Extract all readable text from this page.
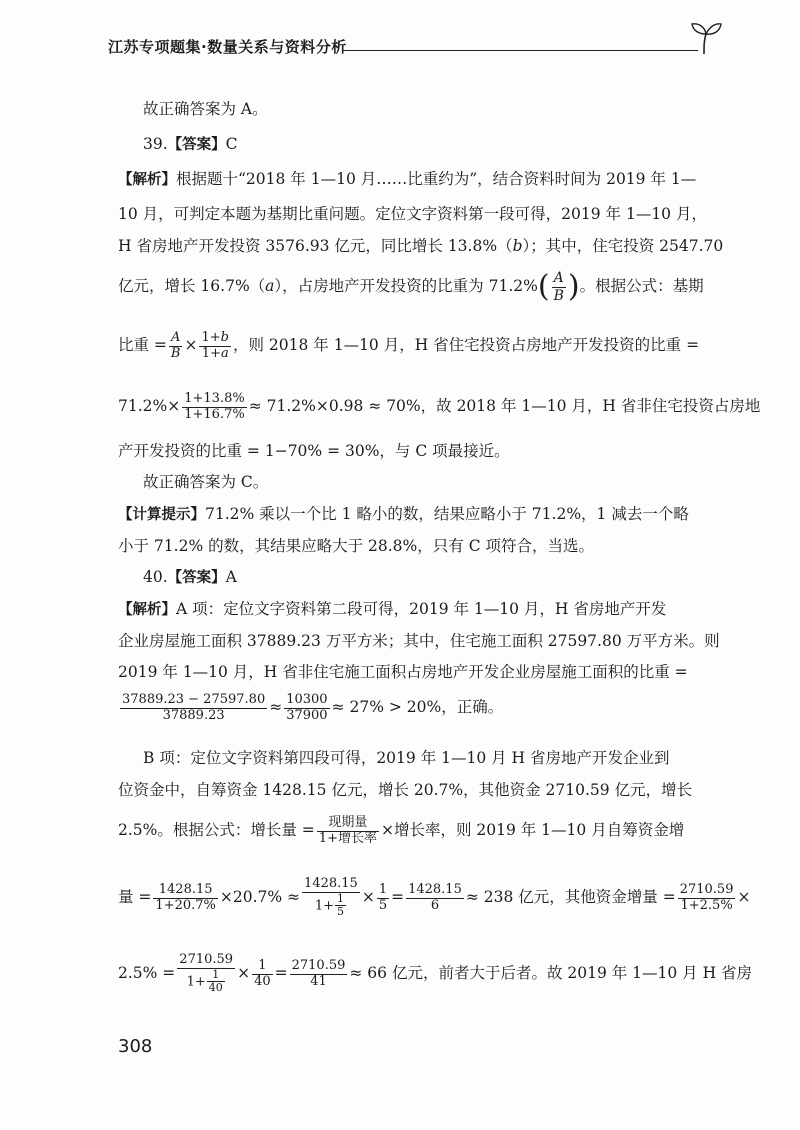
江苏专项题集·数量关系与资料分析
故正确答案为 A。
39.【答案】C
【解析】根据题十“2018 年 1—10 月……比重约为”，结合资料时间为 2019 年 1—
10 月，可判定本题为基期比重问题。定位文字资料第一段可得，2019 年 1—10 月，
H 省房地产开发投资 3576.93 亿元，同比增长 13.8%（b）；其中，住宅投资 2547.70
亿元，增长 16.7%（a），占房地产开发投资的比重为 $71.2\%( \frac{A}{B}$ )。根据公式：基期
比重 = $\frac{A}{B} \times \frac{1+b}{1+a}$ ，则 2018 年 1—10 月，H 省住宅投资占房地产开发投资的比重 =
$71.2\%\times \frac{1+13.8\%}{1+16.7\%} \approx 71.2\%\times 0.98 \approx 70\%$，故 2018 年 1—10 月，H 省非住宅投资占房地
产开发投资的比重 = 1−70% = 30%，与 C 项最接近。
故正确答案为 C。
【计算提示】71.2% 乘以一个比 1 略小的数，结果应略小于 71.2%，1 减去一个略
小于 71.2% 的数，其结果应略大于 28.8%，只有 C 项符合，当选。
40.【答案】A
【解析】A 项：定位文字资料第二段可得，2019 年 1—10 月，H 省房地产开发
企业房屋施工面积 37889.23 万平方米；其中，住宅施工面积 27597.80 万平方米。则
2019 年 1—10 月，H 省非住宅施工面积占房地产开发企业房屋施工面积的比重 =
$\frac{37889.23 - 27597.80}{37889.23} \approx \frac{10300}{37900} \approx 27\% > 20\%$，正确。
B 项：定位文字资料第四段可得，2019 年 1—10 月 H 省房地产开发企业到
位资金中，自筹资金 1428.15 亿元，增长 20.7%，其他资金 2710.59 亿元，增长
2.5%。根据公式：增长量 = $\frac{\text{现期量}}{\text{1+增长率}}$ ×增长率，则 2019 年 1—10 月自筹资金增
量 = $\frac{1428.15}{1+20.7\%} \times 20.7\% \approx \frac{1428.15}{1+ \frac{1}{5}} \times \frac{1}{5} = \frac{1428.15}{6} \approx 238$ 亿元，其他资金增量 = $\frac{2710.59}{1+2.5\%}$ ×
$2.5\% = \frac{2710.59}{1+ \frac{1}{40}} \times \frac{1}{40} = \frac{2710.59}{41} \approx 66$ 亿元，前者大于后者。故 2019 年 1—10 月 H 省房
308
